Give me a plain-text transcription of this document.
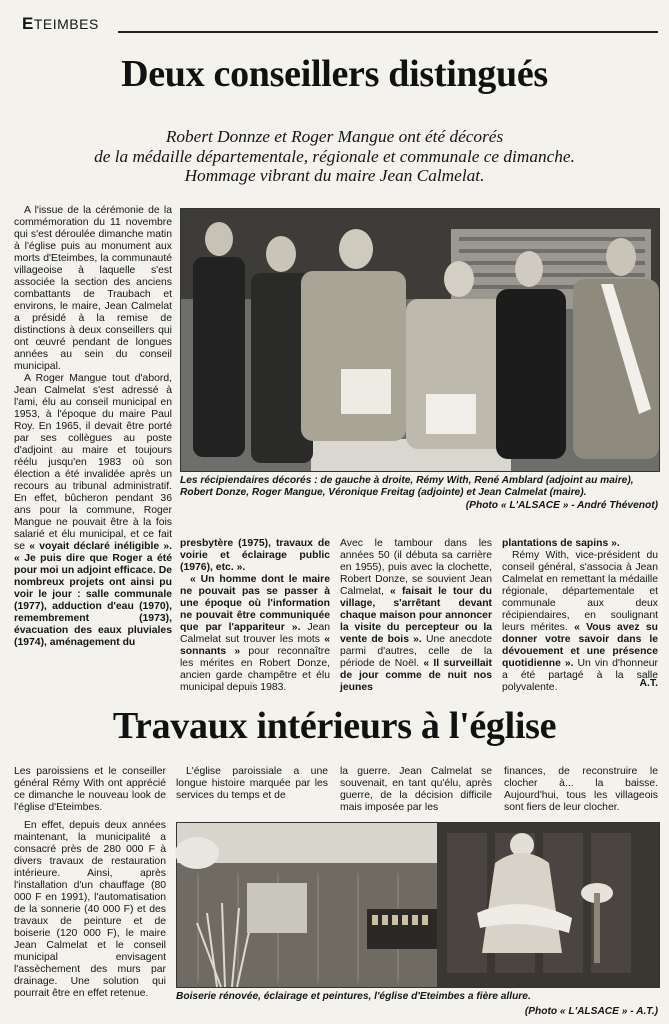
ETEIMBES
Deux conseillers distingués
Robert Donnze et Roger Mangue ont été décorés
de la médaille départementale, régionale et communale ce dimanche.
Hommage vibrant du maire Jean Calmelat.

A l'issue de la cérémonie de la commémoration du 11 novembre qui s'est déroulée dimanche matin à l'église puis au monument aux morts d'Eteimbes, la communauté villageoise à laquelle s'est associée la section des anciens combattants de Traubach et environs, le maire, Jean Calmelat a présidé à la remise de distinctions à deux conseillers qui ont œuvré pendant de longues années au sein du conseil municipal.

A Roger Mangue tout d'abord, Jean Calmelat s'est adressé à l'ami, élu au conseil municipal en 1953, à l'époque du maire Paul Roy. En 1965, il devait être porté par ses collègues au poste d'adjoint au maire et toujours réélu jusqu'en 1983 où son élection a été invalidée après un recours au tribunal administratif. En effet, bûcheron pendant 36 ans pour la commune, Roger Mangue ne pouvait être à la fois salarié et élu municipal, et ce fait se « voyait déclaré inéligible ». « Je puis dire que Roger a été pour moi un adjoint efficace. De nombreux projets ont ainsi pu voir le jour : salle communale (1977), adduction d'eau (1970), remembrement (1973), évacuation des eaux pluviales (1974), aménagement du

Les récipiendaires décorés : de gauche à droite, Rémy With, René Amblard (adjoint au maire), Robert Donze, Roger Mangue, Véronique Freitag (adjointe) et Jean Calmelat (maire).
(Photo « L'ALSACE » - André Thévenot)

presbytère (1975), travaux de voirie et éclairage public (1976), etc. ».

« Un homme dont le maire ne pouvait pas se passer à une époque où l'information ne pouvait être communiquée que par l'appariteur ». Jean Calmelat sut trouver les mots « sonnants » pour reconnaître les mérites en Robert Donze, ancien garde champêtre et élu municipal depuis 1983.

Avec le tambour dans les années 50 (il débuta sa carrière en 1955), puis avec la clochette, Robert Donze, se souvient Jean Calmelat, « faisait le tour du village, s'arrêtant devant chaque maison pour annoncer la visite du percepteur ou la vente de bois ». Une anecdote parmi d'autres, celle de la période de Noël. « Il surveillait de jour comme de nuit nos jeunes

plantations de sapins ».

Rémy With, vice-président du conseil général, s'associa à Jean Calmelat en remettant la médaille régionale, départementale et communale aux deux récipiendaires, en soulignant leurs mérites. « Vous avez su donner votre savoir dans le dévouement et une présence quotidienne ». Un vin d'honneur a été partagé à la salle polyvalente.	A.T.
Travaux intérieurs à l'église

Les paroissiens et le conseiller général Rémy With ont apprécié ce dimanche le nouveau look de l'église d'Eteimbes.

En effet, depuis deux années maintenant, la municipalité a consacré près de 280 000 F à divers travaux de restauration intérieure. Ainsi, après l'installation d'un chauffage (80 000 F en 1991), l'automatisation de la sonnerie (40 000 F) et des travaux de peinture et de boiserie (120 000 F), le maire Jean Calmelat et le conseil municipal envisagent l'assèchement des murs par drainage. Une solution qui pourrait être en effet retenue.

L'église paroissiale a une longue histoire marquée par les services du temps et de

la guerre. Jean Calmelat se souvenait, en tant qu'élu, après guerre, de la décision difficile mais imposée par les

finances, de reconstruire le clocher à... la baisse. Aujourd'hui, tous les villageois sont fiers de leur clocher.

Boiserie rénovée, éclairage et peintures, l'église d'Eteimbes a fière allure.
(Photo « L'ALSACE » - A.T.)
